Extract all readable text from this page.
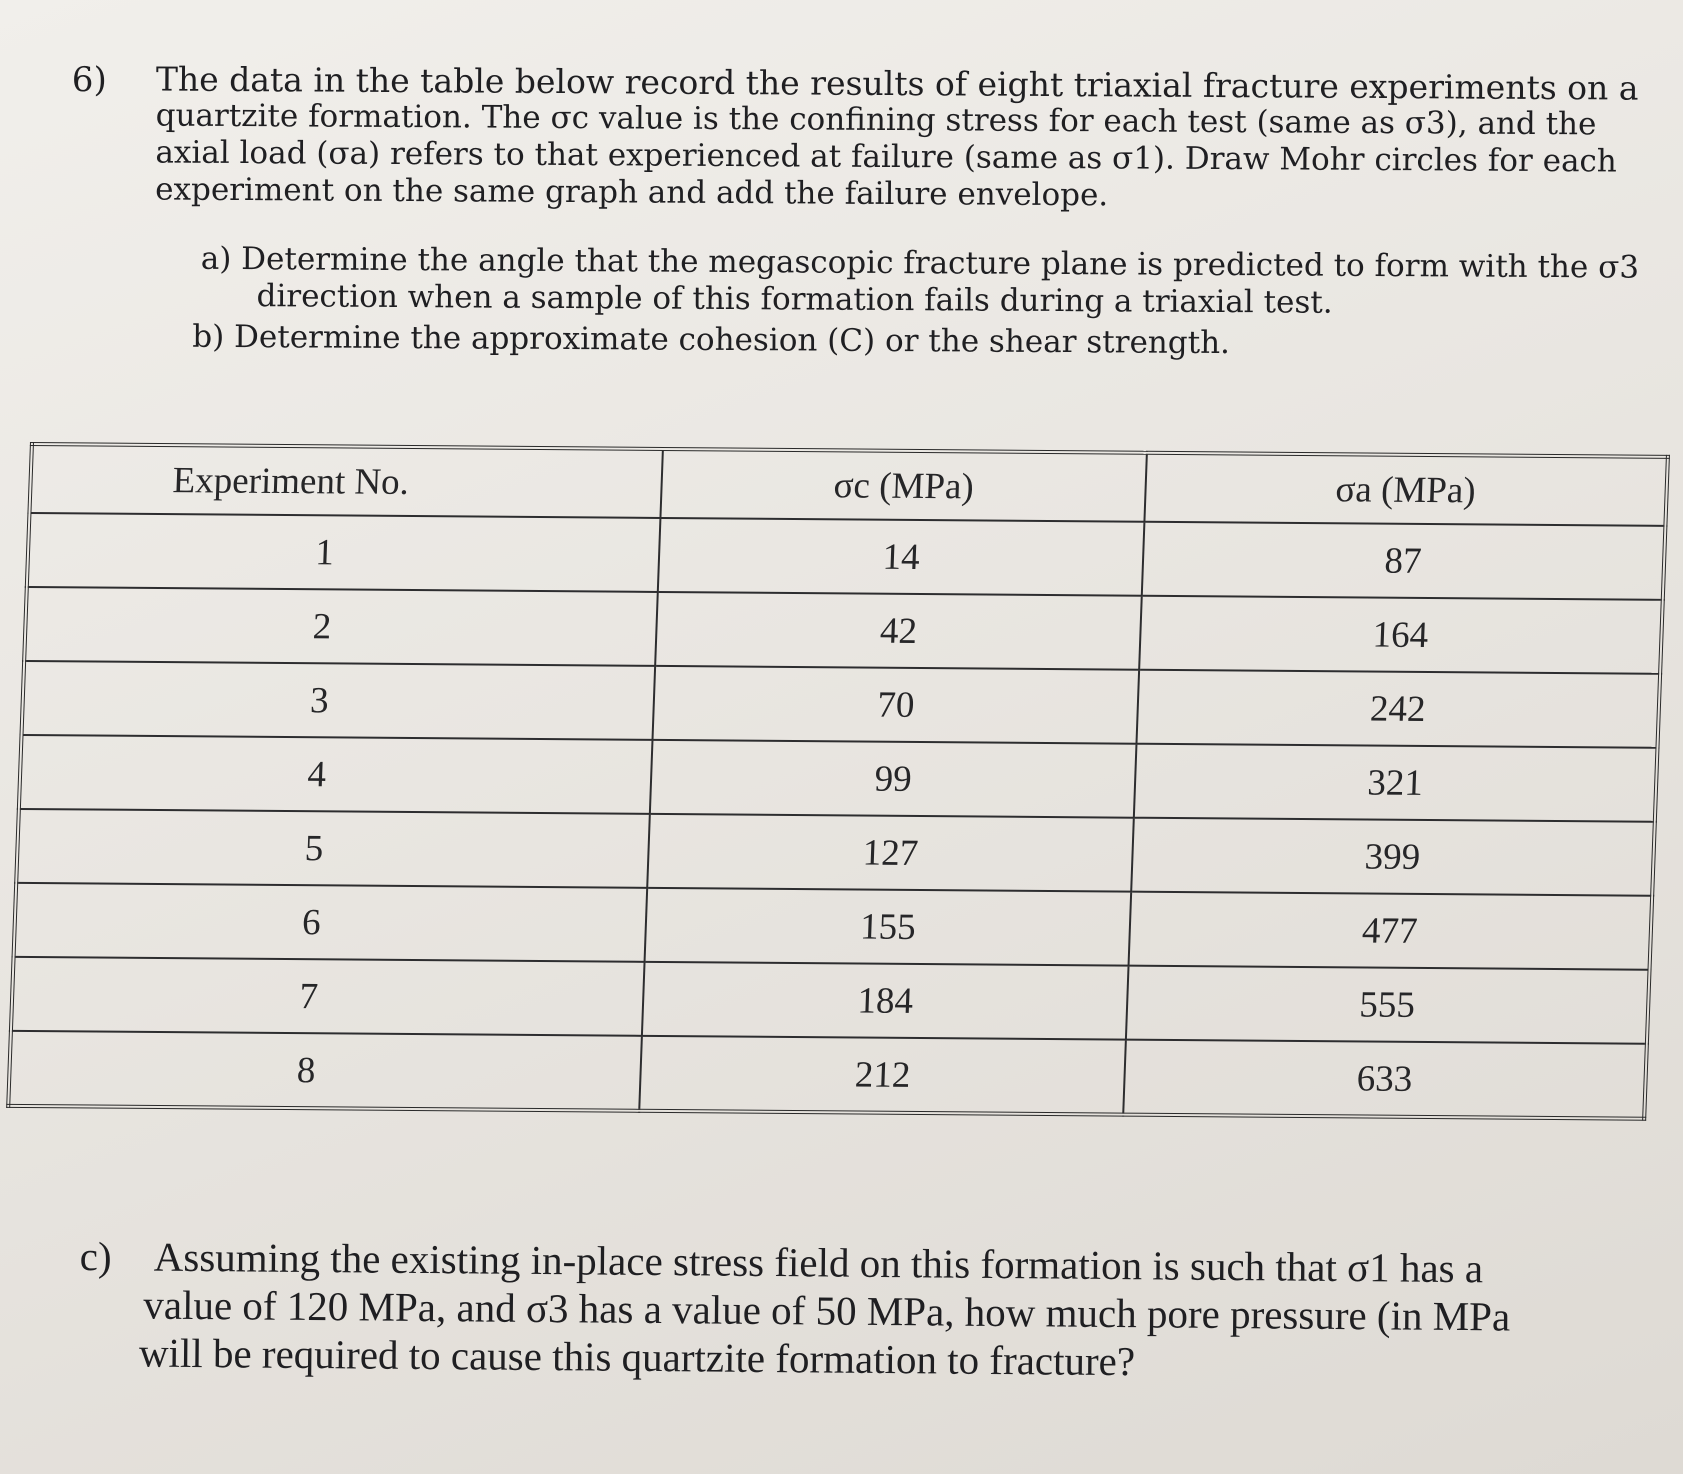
6) The data in the table below record the results of eight triaxial fracture experiments on a
quartzite formation. The σc value is the confining stress for each test (same as σ3), and the
axial load (σa) refers to that experienced at failure (same as σ1). Draw Mohr circles for each
experiment on the same graph and add the failure envelope.
a) Determine the angle that the megascopic fracture plane is predicted to form with the σ3
direction when a sample of this formation fails during a triaxial test.
b) Determine the approximate cohesion (C) or the shear strength.
Experiment No.	σc (MPa)	σa (MPa)
1	14	87
2	42	164
3	70	242
4	99	321
5	127	399
6	155	477
7	184	555
8	212	633
c) Assuming the existing in-place stress field on this formation is such that σ1 has a
value of 120 MPa, and σ3 has a value of 50 MPa, how much pore pressure (in MPa
will be required to cause this quartzite formation to fracture?
